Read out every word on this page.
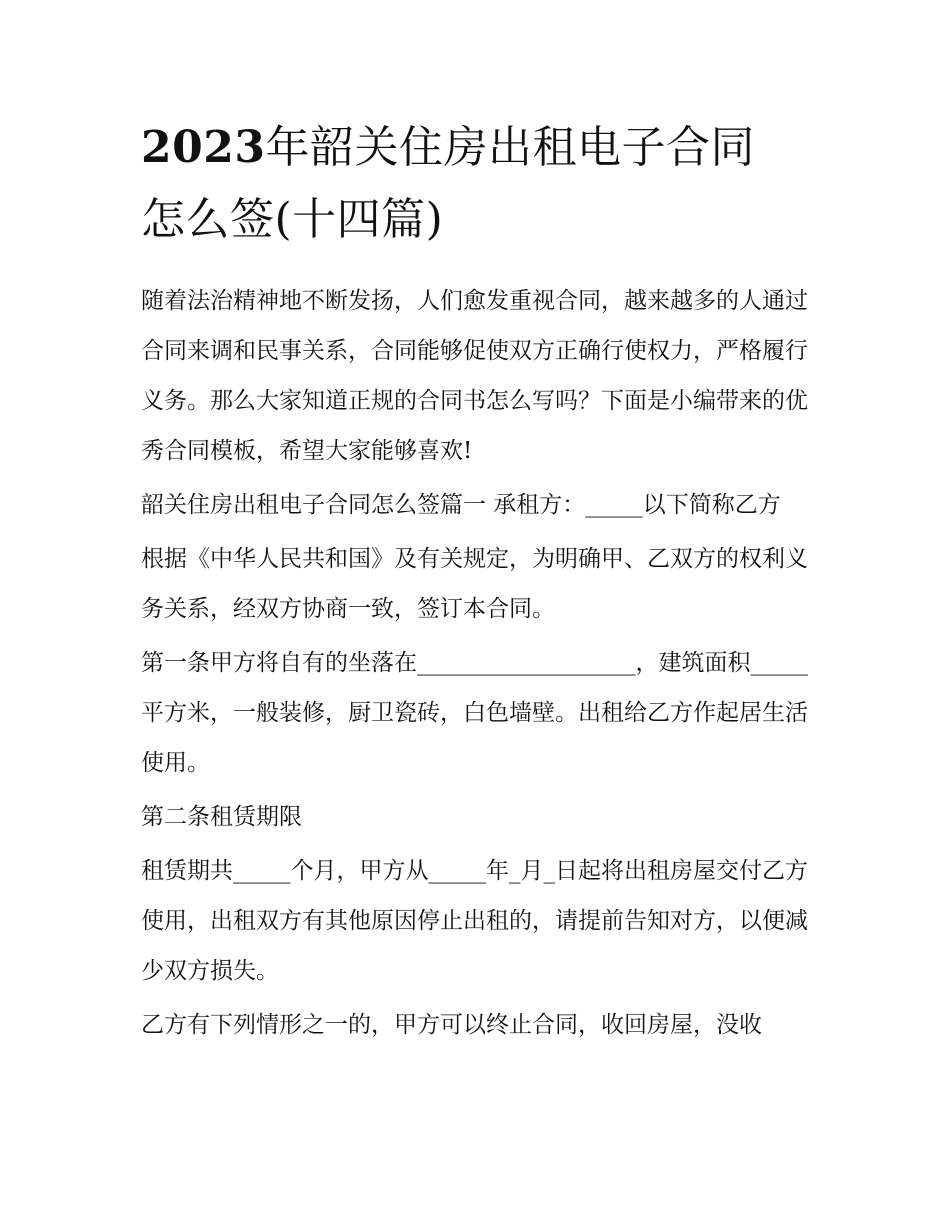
2023年韶关住房出租电子合同
怎么签(十四篇)

随着法治精神地不断发扬，人们愈发重视合同，越来越多的人通过合同来调和民事关系，合同能够促使双方正确行使权力，严格履行义务。那么大家知道正规的合同书怎么写吗？下面是小编带来的优秀合同模板，希望大家能够喜欢!

韶关住房出租电子合同怎么签篇一 承租方：_____以下简称乙方

根据《中华人民共和国》及有关规定，为明确甲、乙双方的权利义务关系，经双方协商一致，签订本合同。

第一条甲方将自有的坐落在___________________，建筑面积_____平方米，一般装修，厨卫瓷砖，白色墙壁。出租给乙方作起居生活使用。

第二条租赁期限

租赁期共_____个月，甲方从_____年_月_日起将出租房屋交付乙方使用，出租双方有其他原因停止出租的，请提前告知对方，以便减少双方损失。

乙方有下列情形之一的，甲方可以终止合同，收回房屋，没收
